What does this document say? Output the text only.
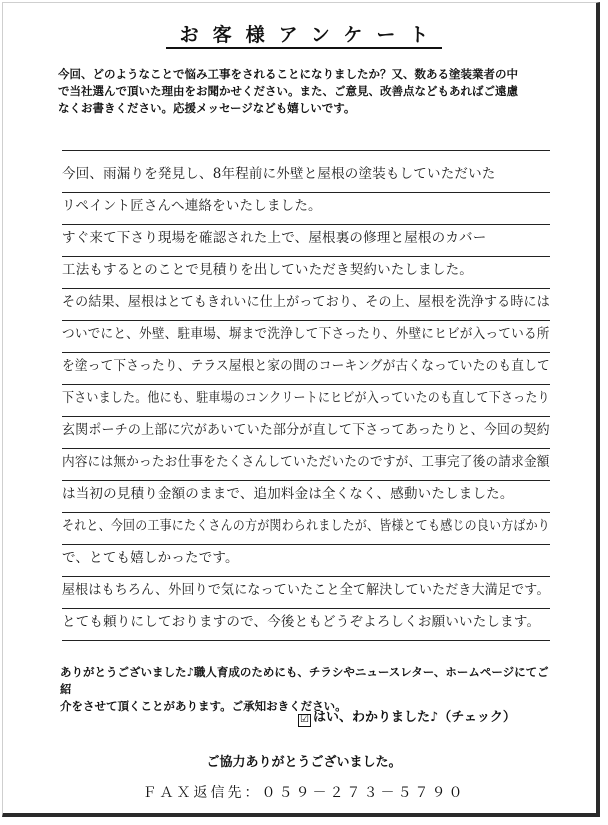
お客様アンケート
今回、どのようなことで悩み工事をされることになりましたか？又、数ある塗装業者の中
で当社選んで頂いた理由をお聞かせください。また、ご意見、改善点などもあればご遠慮
なくお書きください。応援メッセージなども嬉しいです。
今回、雨漏りを発見し、8年程前に外壁と屋根の塗装もしていただいた
リペイント匠さんへ連絡をいたしました。
すぐ来て下さり現場を確認された上で、屋根裏の修理と屋根のカバー
工法もするとのことで見積りを出していただき契約いたしました。
その結果、屋根はとてもきれいに仕上がっており、その上、屋根を洗浄する時には
ついでにと、外壁、駐車場、塀まで洗浄して下さったり、外壁にヒビが入っている所
を塗って下さったり、テラス屋根と家の間のコーキングが古くなっていたのも直して
下さいました。他にも、駐車場のコンクリートにヒビが入っていたのも直して下さったり
玄関ポーチの上部に穴があいていた部分が直して下さってあったりと、今回の契約
内容には無かったお仕事をたくさんしていただいたのですが、工事完了後の請求金額
は当初の見積り金額のままで、追加料金は全くなく、感動いたしました。
それと、今回の工事にたくさんの方が関わられましたが、皆様とても感じの良い方ばかり
で、とても嬉しかったです。
屋根はもちろん、外回りで気になっていたこと全て解決していただき大満足です。
とても頼りにしておりますので、今後ともどうぞよろしくお願いいたします。
ありがとうございました♪職人育成のためにも、チラシやニュースレター、ホームページにてご紹
介をさせて頂くことがあります。ご承知おきください。
☑ はい、わかりました♪（チェック）
ご協力ありがとうございました。
ＦＡＸ返信先：０５９－２７３－５７９０
